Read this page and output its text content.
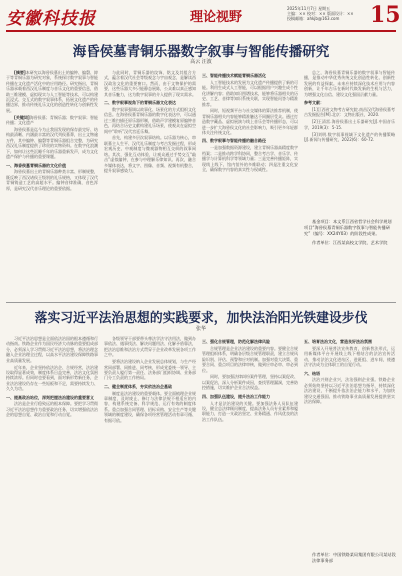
安徽科技报	理论视野
2025年11月7日 星期五
主编：×× 校对：×× 版面设计：××
投稿邮箱：ahkjb@163.com	15
海昏侯墓青铜乐器数字叙事与智能传播研究
高云 汪波

[摘要]本研究以海昏侯墓出土的编钟、编磬、錞于等青铜乐器为研究对象，系统探讨数字叙事与智能传播在文化遗产活化中的应用路径。研究指出，青铜乐器承载着西汉礼乐制度与音乐文化的重要信息，借助三维建模、虚拟现实与人工智能等技术，可以构建沉浸式、交互式的数字叙事体系，拓展文化遗产的传播边界，推动传统礼乐文化的创造性转化与创新性发展。

[关键词]海昏侯墓；青铜乐器；数字叙事；智能传播；文化遗产

海昏侯墓是迄今为止我国发现的保存最完好、结构最清晰、内涵最丰富的汉代列侯墓葬，出土文物逾万件，其中编钟、编磬等青铜乐器组合完整，为研究西汉礼乐制度提供了珍贵的实物资料。在数字化浪潮下，如何让这些沉睡千年的乐器重新发声，成为文化遗产保护与传播的重要课题。

一、海昏侯墓青铜乐器的文化价值

海昏侯墓出土的青铜乐器种类丰富、形制规整，既反映了西汉诸侯王级别的礼乐规格，又体现了汉代青铜铸造工艺的高超水平。编钟音律准确，音色浑厚，是研究汉代音乐理论的重要依据。

与此同时，青铜乐器的纹饰、铭文及其组合方式，蕴含着汉代社会等级观念与宇宙观念，是解读西汉政治文化的重要窗口。然而，由于文物保护的需要，这些乐器大多只能静态展陈，公众难以真正感知其音乐魅力，这为数字叙事的介入提供了现实需求。

二、数字叙事视角下的青铜乐器文化表达

数字叙事强调以故事化、场景化的方式组织文化信息。在海昏侯墓青铜乐器的数字化表达中，可以通过三维扫描还原乐器形制，借助声学建模复原编钟音色，再结合历史文献构建礼乐场景，使观众在虚拟空间中“聆听”汉代宫廷乐舞。

首先，构建多层次叙事结构。以乐器为核心，串联墓主人生平、汉代礼乐制度与考古发掘过程，形成宏观历史、中观制度与微观器物相互交织的叙事网络。其次，强化互动体验，让观众通过手势交互“敲击”虚拟编钟，在参与中理解乐律知识。再次，融合多媒体表达，将文字、图像、音频、视频有机整合，提升叙事感染力。

三、智能传播技术赋能青铜乐器活化

人工智能技术的发展为文化遗产传播提供了新的可能。利用生成式人工智能，可以根据用户兴趣生成个性化讲解内容；借助知识图谱技术，能够将乐器相关的历史、工艺、音律等知识系统关联，实现智能问答与精准推荐。

同时，短视频平台与社交媒体的算法推荐机制，使青铜乐器相关内容能够精准触达不同圈层受众。通过打造数字藏品、虚拟展演与线上音乐会等传播形态，可以进一步扩大海昏侯文化的社会影响力，吸引更多年轻群体关注传统文化。

四、数字叙事与智能传播的融合路径

一是加强数据资源建设，建立青铜乐器高精度数字档案；二是推动跨学科协同，整合考古学、音乐学、传播学与计算机科学等领域力量；三是完善传播矩阵，实现线上线下、馆内馆外的多维联动；四是注重文化安全，确保数字内容的真实性与权威性。

总之，海昏侯墓青铜乐器的数字叙事与智能传播，是推动中华优秀传统文化创造性转化、创新性发展的有益探索。未来应持续深化技术应用与内容创新，让千年古乐在新时代焕发新的生机与活力，为增强文化自信、建设文化强国贡献力量。

参考文献：

[1]江西省文物考古研究院.南昌汉代海昏侯墓考古发掘报告[M].北京：文物出版社，2020.

[2]王清雷.海昏侯墓出土乐器研究[J].中国音乐学，2019(3)：5-15.

[3]刘明.数字叙事视域下文化遗产的传播策略[J].新闻与传播研究，2022(6)：60-72.

基金项目：本文系江西省哲学社会科学规划项目“海昏侯墓青铜乐器数字叙事与智能传播研究”（编号：XX24Y03）的阶段性成果。

作者单位：江西某高校文学院、艺术学院

落实习近平法治思想的实践要求，加快法治阳光铁建设步伐
张华

习近平法治思想是全面依法治国的根本遵循和行动指南。铁路企业作为国民经济大动脉的重要组成部分，必须深入学习贯彻习近平法治思想，将法治理念融入企业治理全过程，以高水平法治建设保障铁路事业高质量发展。

近年来，企业坚持依法治企、合规经营，法治建设取得显著成效，制度体系日益完善，法治文化氛围持续浓厚。但同时也要看到，面对新形势新任务，企业法治建设仍存在一些短板和不足，需要持续发力、久久为功。

一、提高政治站位，深刻把握法治建设的重要意义

法治是企业行稳致远的根本保障。要把学习贯彻习近平法治思想作为重要政治任务，切实增强依法治企的思想自觉、政治自觉和行动自觉。

各级领导干部要带头尊法学法守法用法，做到办事依法、遇事找法、解决问题用法、化解矛盾靠法，把法治思维和法治方式贯穿于企业改革发展各项工作之中。

要将法治建设纳入企业发展总体规划，与生产经营同部署、同推进、同考核，形成党委统一领导、主要负责人履行第一责任、法务部门组织协调、业务部门分工负责的工作格局。

二、健全制度体系，夯实依法治企基础

制度是法治建设的重要载体。要全面梳理企业规章制度，及时废止、修订与法律法规不相适应的内容，构建系统完备、科学规范、运行有效的制度体系。重点加强合同管理、招标采购、安全生产等关键领域的制度建设，确保各项经营管理活动有章可循、有据可依。

三、强化合规管理，防范化解法律风险

合规管理是企业法治建设的重要内容。要健全合规管理组织体系，明确各层级合规管理职责，建立合规风险识别、评估、预警和应对机制。加强对重大决策、重要合同、重点项目的法律审核，做到应审必审、审必到位。

同时，要加强法律纠纷案件管理，坚持以案促改、以案促治，深入分析案件成因，查找管理漏洞，完善防控措施，切实维护企业合法权益。

四、加强队伍建设，提升法治工作能力

人才是法治建设的关键。要加强法务人员队伍建设，健全总法律顾问制度，提高法务人员专业素养和履职能力，打造一支政治坚定、业务精通、作风优良的法治工作队伍。

五、培育法治文化，营造良好法治氛围

要深入开展普法宣传教育，创新普法形式，运用新媒体平台开展线上线下相结合的法治宣传活动，推动法治文化进站区、进班组、进车间，使遵法守法成为全体职工的自觉行动。

六、结语

法治兴则企业兴，法治强则企业强。铁路企业必须始终坚持以习近平法治思想为指导，持续深化法治建设，不断提升依法治企能力和水平，为加快建设交通强国、推动铁路事业高质量发展提供坚实法治保障。

作者单位：中国铁路某局集团有限公司某站段法律事务部
